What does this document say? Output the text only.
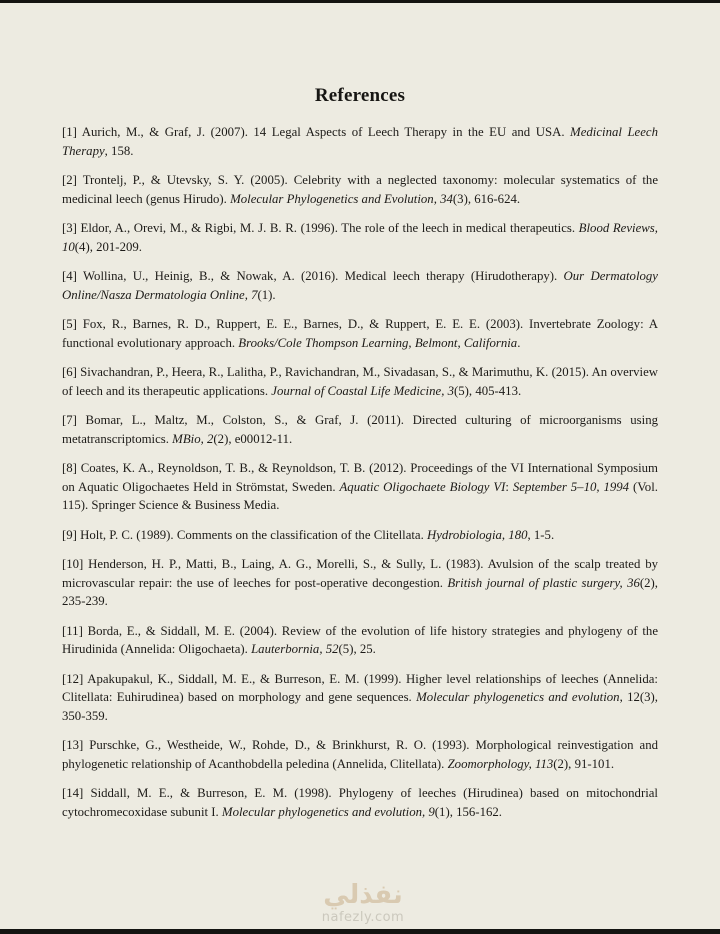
References

[1] Aurich, M., & Graf, J. (2007). 14 Legal Aspects of Leech Therapy in the EU and USA. Medicinal Leech Therapy, 158.

[2] Trontelj, P., & Utevsky, S. Y. (2005). Celebrity with a neglected taxonomy: molecular systematics of the medicinal leech (genus Hirudo). Molecular Phylogenetics and Evolution, 34(3), 616-624.

[3] Eldor, A., Orevi, M., & Rigbi, M. J. B. R. (1996). The role of the leech in medical therapeutics. Blood Reviews, 10(4), 201-209.

[4] Wollina, U., Heinig, B., & Nowak, A. (2016). Medical leech therapy (Hirudotherapy). Our Dermatology Online/Nasza Dermatologia Online, 7(1).

[5] Fox, R., Barnes, R. D., Ruppert, E. E., Barnes, D., & Ruppert, E. E. E. (2003). Invertebrate Zoology: A functional evolutionary approach. Brooks/Cole Thompson Learning, Belmont, California.

[6] Sivachandran, P., Heera, R., Lalitha, P., Ravichandran, M., Sivadasan, S., & Marimuthu, K. (2015). An overview of leech and its therapeutic applications. Journal of Coastal Life Medicine, 3(5), 405-413.

[7] Bomar, L., Maltz, M., Colston, S., & Graf, J. (2011). Directed culturing of microorganisms using metatranscriptomics. MBio, 2(2), e00012-11.

[8] Coates, K. A., Reynoldson, T. B., & Reynoldson, T. B. (2012). Proceedings of the VI International Symposium on Aquatic Oligochaetes Held in Strömstat, Sweden. Aquatic Oligochaete Biology VI: September 5–10, 1994 (Vol. 115). Springer Science & Business Media.

[9] Holt, P. C. (1989). Comments on the classification of the Clitellata. Hydrobiologia, 180, 1-5.

[10] Henderson, H. P., Matti, B., Laing, A. G., Morelli, S., & Sully, L. (1983). Avulsion of the scalp treated by microvascular repair: the use of leeches for post-operative decongestion. British journal of plastic surgery, 36(2), 235-239.

[11] Borda, E., & Siddall, M. E. (2004). Review of the evolution of life history strategies and phylogeny of the Hirudinida (Annelida: Oligochaeta). Lauterbornia, 52(5), 25.

[12] Apakupakul, K., Siddall, M. E., & Burreson, E. M. (1999). Higher level relationships of leeches (Annelida: Clitellata: Euhirudinea) based on morphology and gene sequences. Molecular phylogenetics and evolution, 12(3), 350-359.

[13] Purschke, G., Westheide, W., Rohde, D., & Brinkhurst, R. O. (1993). Morphological reinvestigation and phylogenetic relationship of Acanthobdella peledina (Annelida, Clitellata). Zoomorphology, 113(2), 91-101.

[14] Siddall, M. E., & Burreson, E. M. (1998). Phylogeny of leeches (Hirudinea) based on mitochondrial cytochromecoxidase subunit I. Molecular phylogenetics and evolution, 9(1), 156-162.

نفذلي
nafezly.com
